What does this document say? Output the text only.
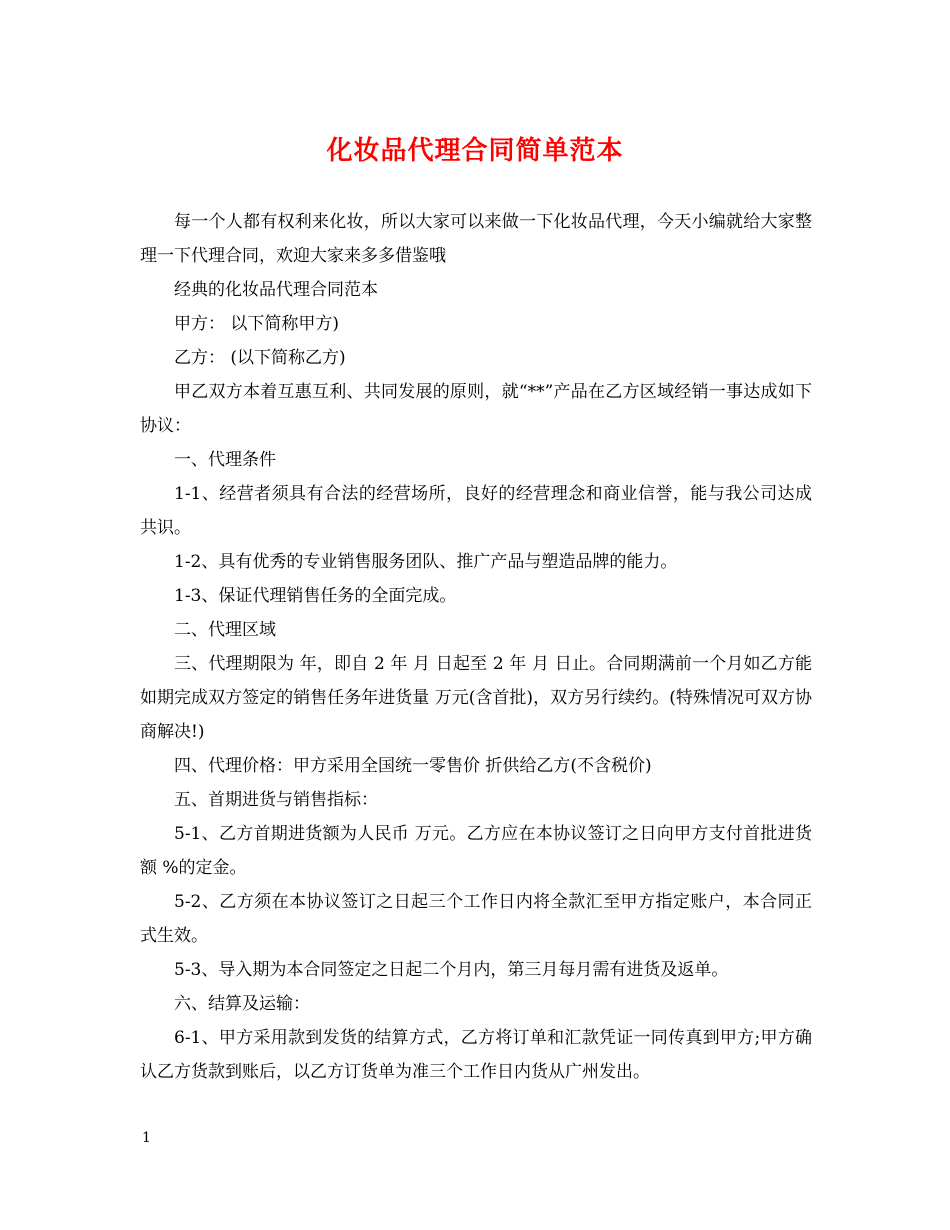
化妆品代理合同简单范本

每一个人都有权利来化妆，所以大家可以来做一下化妆品代理，今天小编就给大家整理一下代理合同，欢迎大家来多多借鉴哦

经典的化妆品代理合同范本

甲方： 以下简称甲方)

乙方： (以下简称乙方)

甲乙双方本着互惠互利、共同发展的原则，就“**”产品在乙方区域经销一事达成如下协议：

一、代理条件

1-1、经营者须具有合法的经营场所，良好的经营理念和商业信誉，能与我公司达成共识。

1-2、具有优秀的专业销售服务团队、推广产品与塑造品牌的能力。

1-3、保证代理销售任务的全面完成。

二、代理区域

三、代理期限为 年，即自 2 年 月 日起至 2 年 月 日止。合同期满前一个月如乙方能如期完成双方签定的销售任务年进货量 万元(含首批)，双方另行续约。(特殊情况可双方协商解决!)

四、代理价格：甲方采用全国统一零售价 折供给乙方(不含税价)

五、首期进货与销售指标：

5-1、乙方首期进货额为人民币 万元。乙方应在本协议签订之日向甲方支付首批进货额 %的定金。

5-2、乙方须在本协议签订之日起三个工作日内将全款汇至甲方指定账户，本合同正式生效。

5-3、导入期为本合同签定之日起二个月内，第三月每月需有进货及返单。

六、结算及运输：

6-1、甲方采用款到发货的结算方式，乙方将订单和汇款凭证一同传真到甲方;甲方确认乙方货款到账后，以乙方订货单为准三个工作日内货从广州发出。

1
